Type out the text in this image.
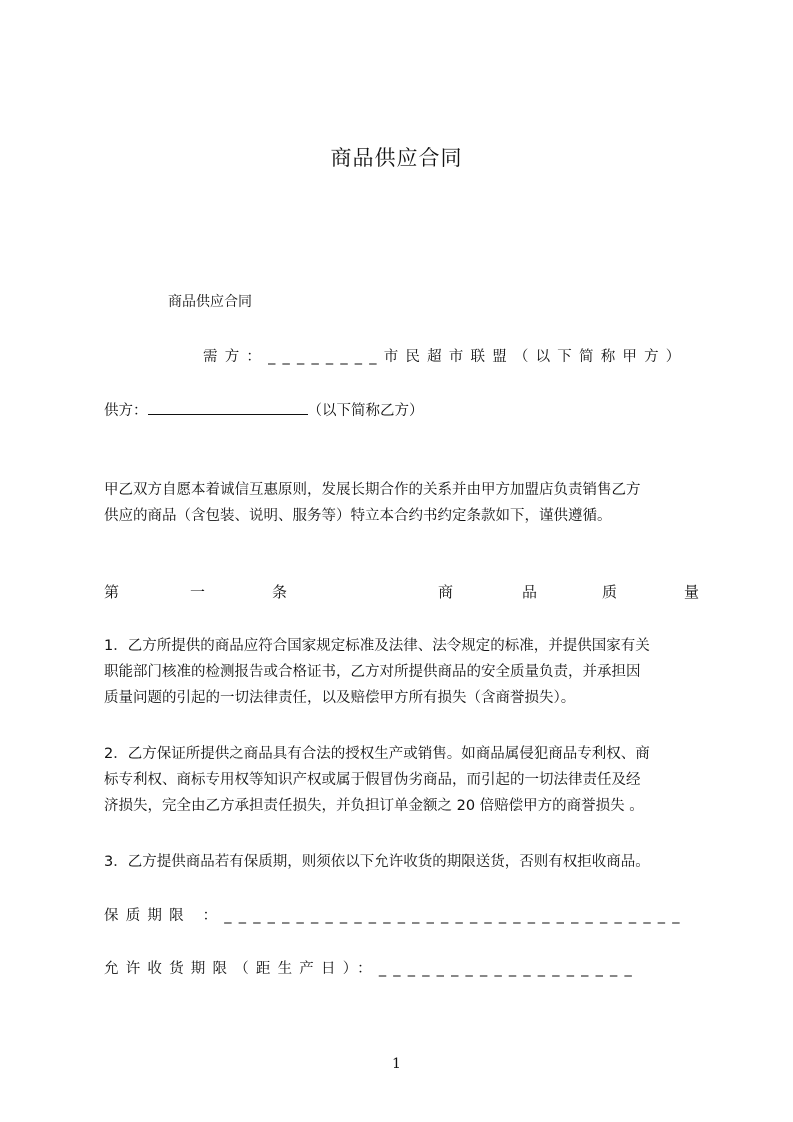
商品供应合同
商品供应合同
需方：________市民超市联盟（以下简称甲方）
供方：	（以下简称乙方）
甲乙双方自愿本着诚信互惠原则，发展长期合作的关系并由甲方加盟店负责销售乙方
供应的商品（含包装、说明、服务等）特立本合约书约定条款如下，谨供遵循。
第	一	条	商	品	质	量
1．乙方所提供的商品应符合国家规定标准及法律、法令规定的标准，并提供国家有关
职能部门核准的检测报告或合格证书，乙方对所提供商品的安全质量负责，并承担因
质量问题的引起的一切法律责任，以及赔偿甲方所有损失（含商誉损失）。
2．乙方保证所提供之商品具有合法的授权生产或销售。如商品属侵犯商品专利权、商
标专利权、商标专用权等知识产权或属于假冒伪劣商品，而引起的一切法律责任及经
济损失，完全由乙方承担责任损失，并负担订单金额之 20 倍赔偿甲方的商誉损失 。
3．乙方提供商品若有保质期，则须依以下允许收货的期限送货，否则有权拒收商品。
保质期限 ：________________________________
允许收货期限（距生产日）：__________________
1
